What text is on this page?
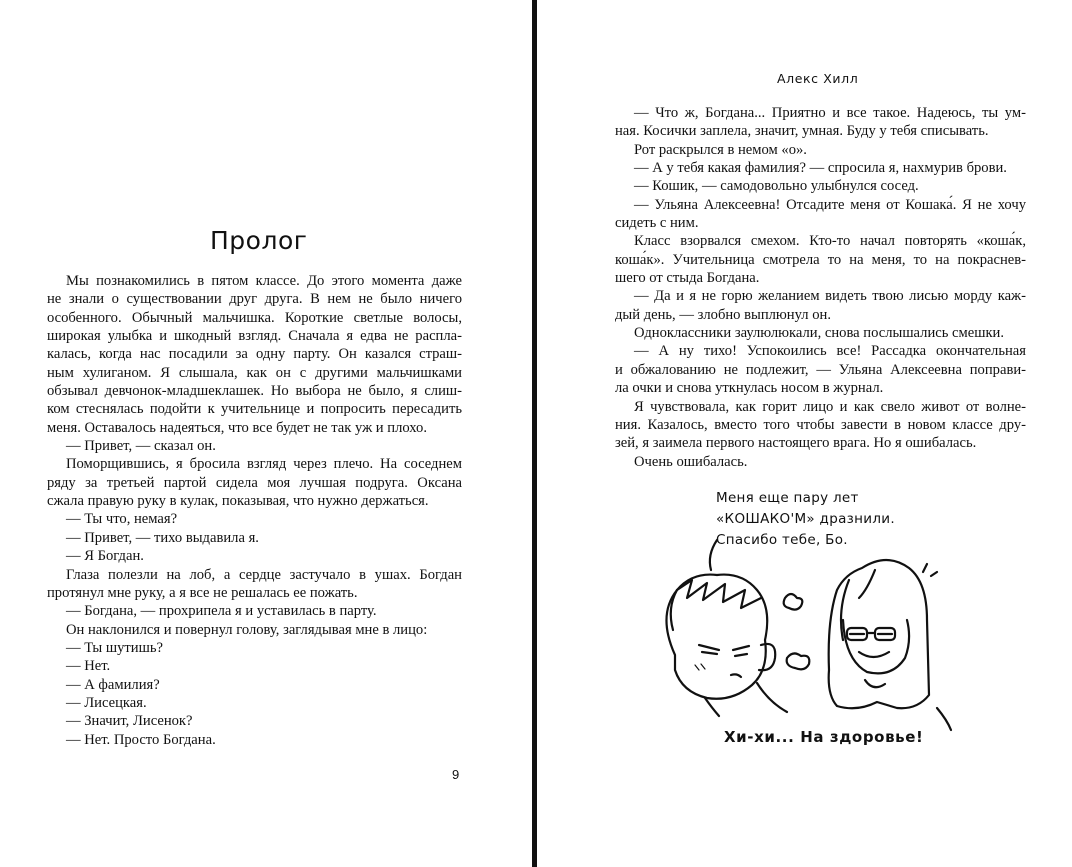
Пролог
Мы познакомились в пятом классе. До этого момента даже
не знали о существовании друг друга. В нем не было ничего
особенного. Обычный мальчишка. Короткие светлые волосы,
широкая улыбка и шкодный взгляд. Сначала я едва не распла-
калась, когда нас посадили за одну парту. Он казался страш-
ным хулиганом. Я слышала, как он с другими мальчишками
обзывал девчонок-младшеклашек. Но выбора не было, я слиш-
ком стеснялась подойти к учительнице и попросить пересадить
меня. Оставалось надеяться, что все будет не так уж и плохо.
— Привет, — сказал он.
Поморщившись, я бросила взгляд через плечо. На соседнем
ряду за третьей партой сидела моя лучшая подруга. Оксана
сжала правую руку в кулак, показывая, что нужно держаться.
— Ты что, немая?
— Привет, — тихо выдавила я.
— Я Богдан.
Глаза полезли на лоб, а сердце застучало в ушах. Богдан
протянул мне руку, а я все не решалась ее пожать.
— Богдана, — прохрипела я и уставилась в парту.
Он наклонился и повернул голову, заглядывая мне в лицо:
— Ты шутишь?
— Нет.
— А фамилия?
— Лисецкая.
— Значит, Лисенок?
— Нет. Просто Богдана.
9
Алекс Хилл
— Что ж, Богдана... Приятно и все такое. Надеюсь, ты ум-
ная. Косички заплела, значит, умная. Буду у тебя списывать.
Рот раскрылся в немом «о».
— А у тебя какая фамилия? — спросила я, нахмурив брови.
— Кошик, — самодовольно улыбнулся сосед.
— Ульяна Алексеевна! Отсадите меня от Кошака́. Я не хочу
сидеть с ним.
Класс взорвался смехом. Кто-то начал повторять «коша́к,
коша́к». Учительница смотрела то на меня, то на покраснев-
шего от стыда Богдана.
— Да и я не горю желанием видеть твою лисью морду каж-
дый день, — злобно выплюнул он.
Одноклассники заулюлюкали, снова послышались смешки.
— А ну тихо! Успокоились все! Рассадка окончательная
и обжалованию не подлежит, — Ульяна Алексеевна поправи-
ла очки и снова уткнулась носом в журнал.
Я чувствовала, как горит лицо и как свело живот от волне-
ния. Казалось, вместо того чтобы завести в новом классе дру-
зей, я заимела первого настоящего врага. Но я ошибалась.
Очень ошибалась.
Меня еще пару лет
«КОШАКО'М» дразнили.
Спасибо тебе, Бо.
Хи-хи... На здоровье!
